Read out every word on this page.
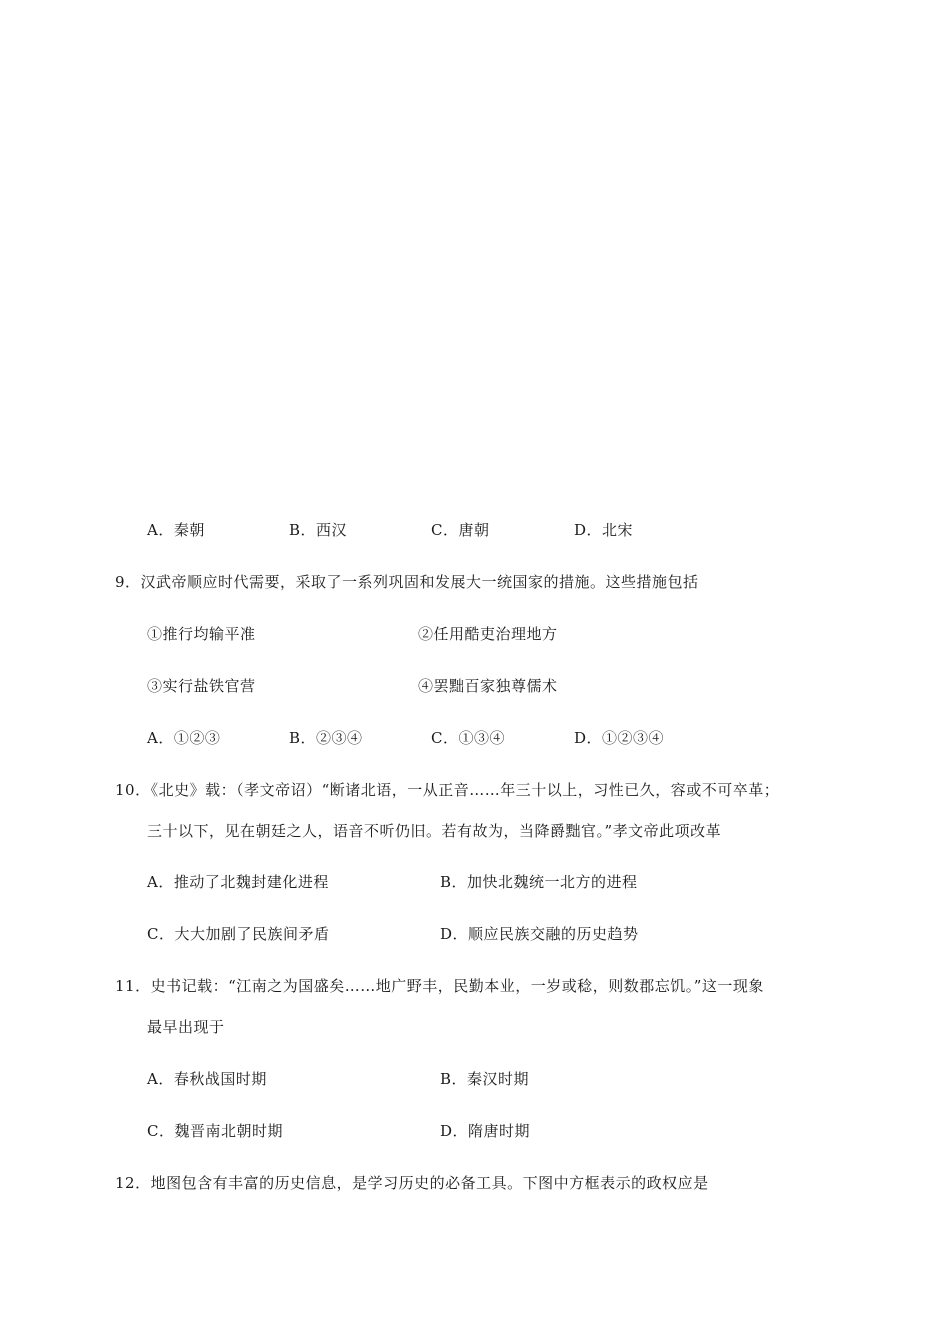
A．秦朝	B．西汉	C．唐朝	D．北宋
9．汉武帝顺应时代需要，采取了一系列巩固和发展大一统国家的措施。这些措施包括
①推行均输平准	②任用酷吏治理地方
③实行盐铁官营	④罢黜百家独尊儒术
A．①②③	B．②③④	C．①③④	D．①②③④
10．《北史》载：（孝文帝诏）“断诸北语，一从正音……年三十以上，习性已久，容或不可卒革；
三十以下，见在朝廷之人，语音不听仍旧。若有故为，当降爵黜官。”孝文帝此项改革
A．推动了北魏封建化进程	B．加快北魏统一北方的进程
C．大大加剧了民族间矛盾	D．顺应民族交融的历史趋势
11．史书记载：“江南之为国盛矣……地广野丰，民勤本业，一岁或稔，则数郡忘饥。”这一现象
最早出现于
A．春秋战国时期	B．秦汉时期
C．魏晋南北朝时期	D．隋唐时期
12．地图包含有丰富的历史信息，是学习历史的必备工具。下图中方框表示的政权应是
